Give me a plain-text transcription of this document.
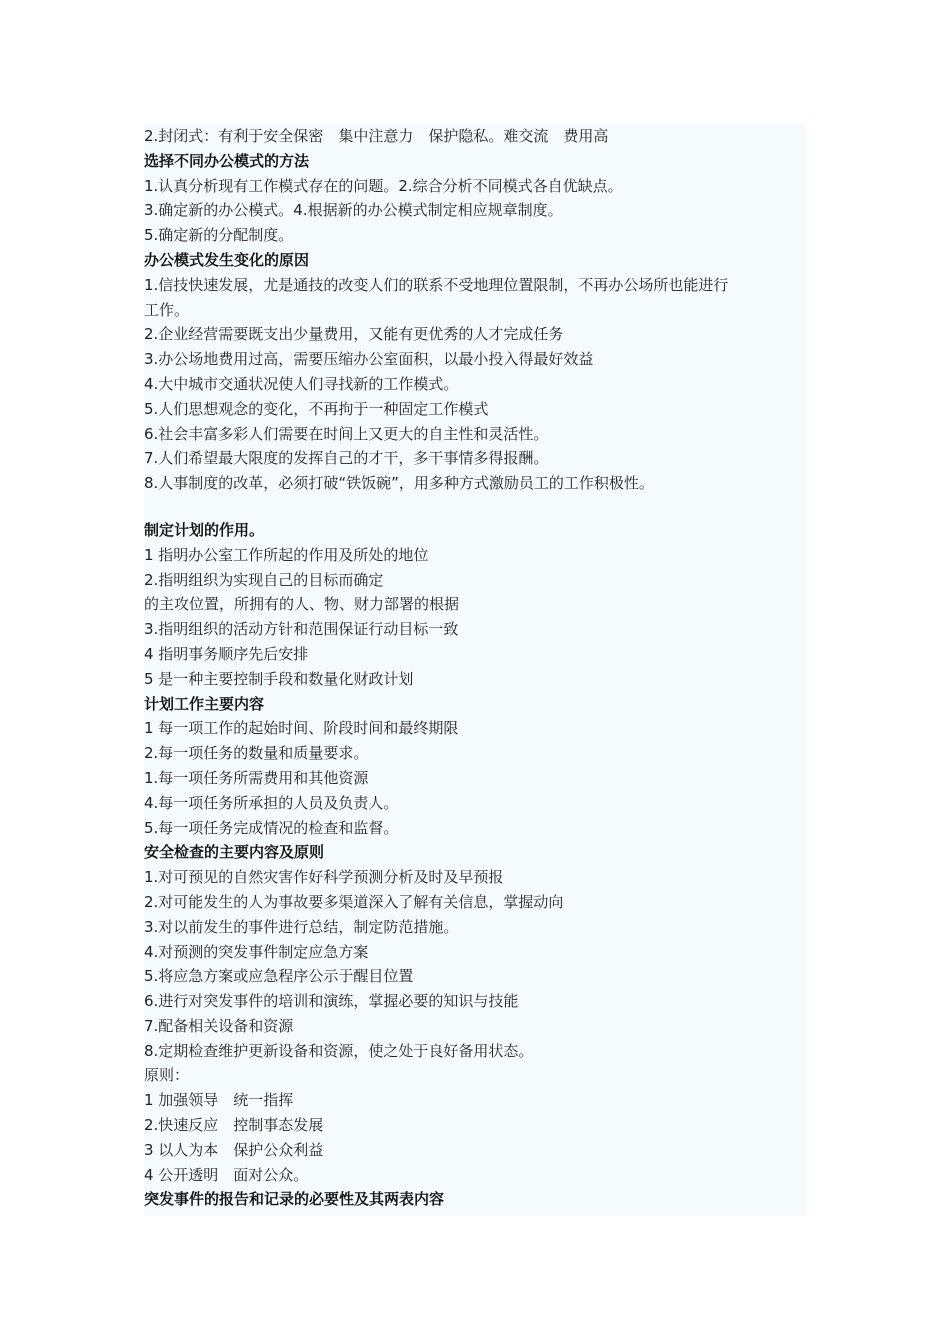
2.封闭式：有利于安全保密　集中注意力　保护隐私。难交流　费用高
选择不同办公模式的方法
1.认真分析现有工作模式存在的问题。2.综合分析不同模式各自优缺点。
3.确定新的办公模式。4.根据新的办公模式制定相应规章制度。
5.确定新的分配制度。
办公模式发生变化的原因
1.信技快速发展，尤是通技的改变人们的联系不受地理位置限制，不再办公场所也能进行
工作。
2.企业经营需要既支出少量费用，又能有更优秀的人才完成任务
3.办公场地费用过高，需要压缩办公室面积，以最小投入得最好效益
4.大中城市交通状况使人们寻找新的工作模式。
5.人们思想观念的变化，不再拘于一种固定工作模式
6.社会丰富多彩人们需要在时间上又更大的自主性和灵活性。
7.人们希望最大限度的发挥自己的才干，多干事情多得报酬。
8.人事制度的改革，必须打破“铁饭碗”，用多种方式激励员工的工作积极性。
制定计划的作用。
1 指明办公室工作所起的作用及所处的地位
2.指明组织为实现自己的目标而确定
的主攻位置，所拥有的人、物、财力部署的根据
3.指明组织的活动方针和范围保证行动目标一致
4 指明事务顺序先后安排
5 是一种主要控制手段和数量化财政计划
计划工作主要内容
1 每一项工作的起始时间、阶段时间和最终期限
2.每一项任务的数量和质量要求。
1.每一项任务所需费用和其他资源
4.每一项任务所承担的人员及负责人。
5.每一项任务完成情况的检查和监督。
安全检查的主要内容及原则
1.对可预见的自然灾害作好科学预测分析及时及早预报
2.对可能发生的人为事故要多渠道深入了解有关信息，掌握动向
3.对以前发生的事件进行总结，制定防范措施。
4.对预测的突发事件制定应急方案
5.将应急方案或应急程序公示于醒目位置
6.进行对突发事件的培训和演练，掌握必要的知识与技能
7.配备相关设备和资源
8.定期检查维护更新设备和资源，使之处于良好备用状态。
原则：
1 加强领导　统一指挥
2.快速反应　控制事态发展
3 以人为本　保护公众利益
4 公开透明　面对公众。
突发事件的报告和记录的必要性及其两表内容
